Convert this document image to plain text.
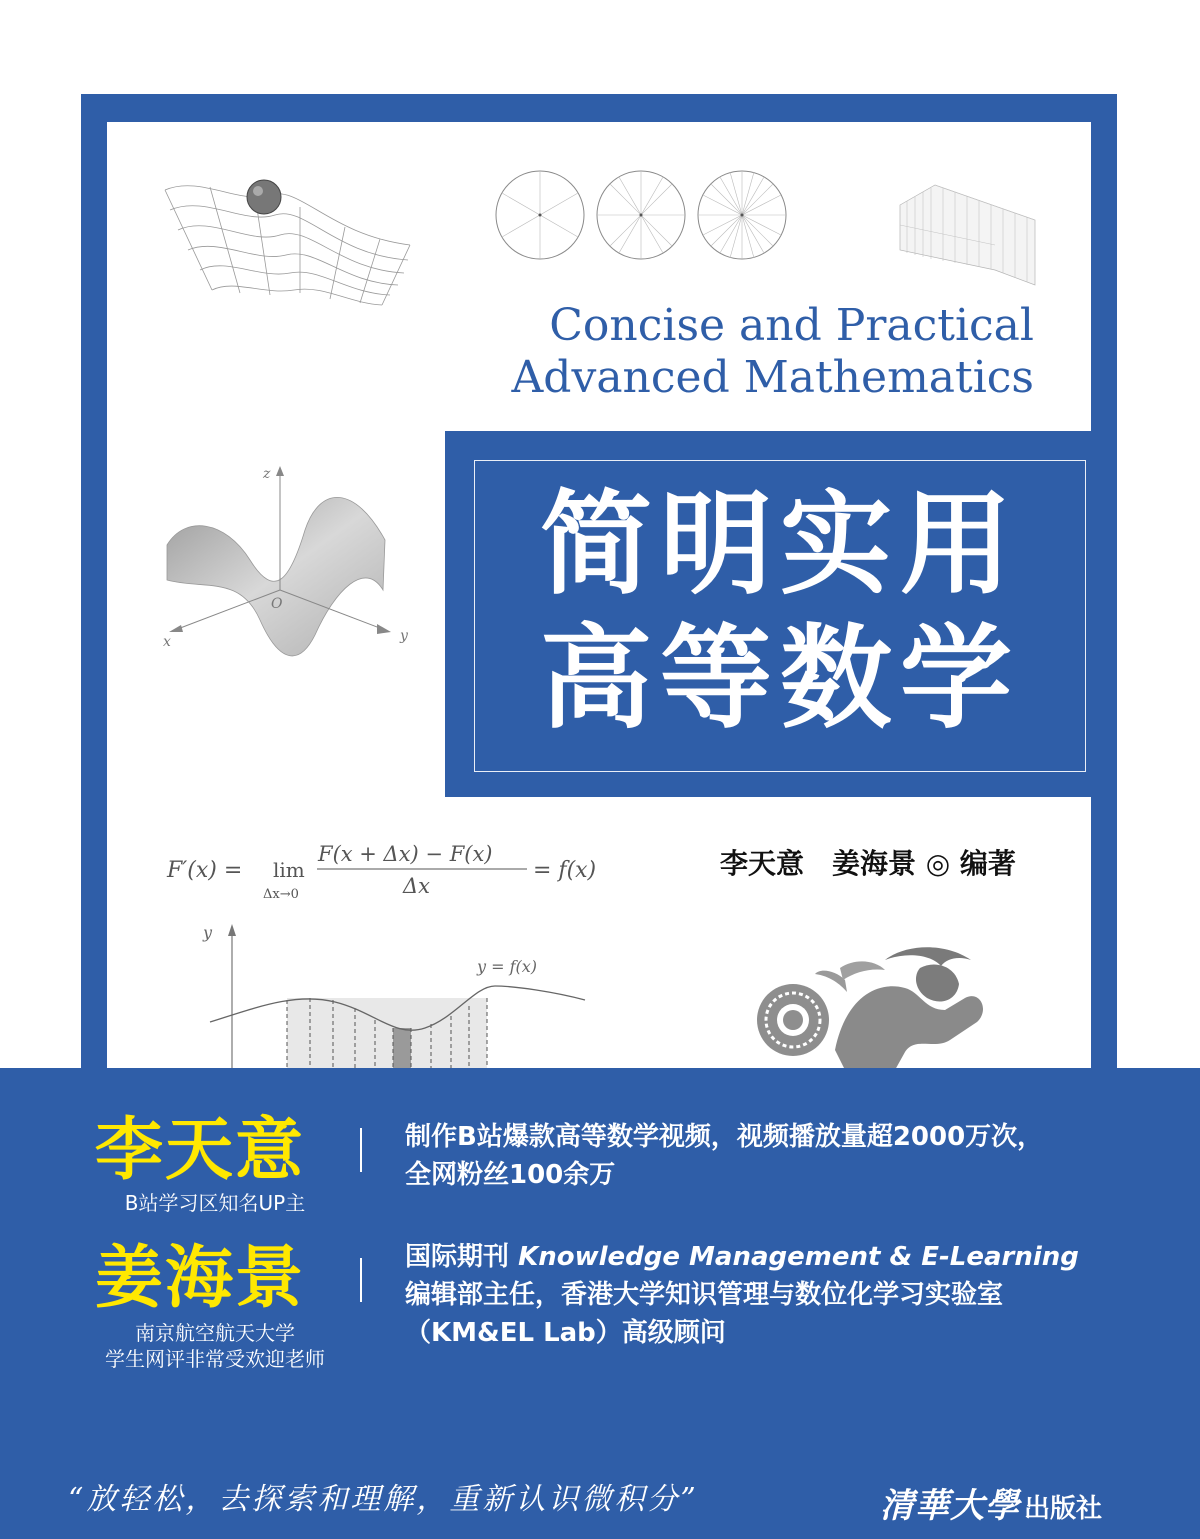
Concise and Practical
Advanced Mathematics
z
x	y
O	简明实用
高等数学
F′(x) = lim
Δx→0
F(x + Δx) − F(x)
Δx
= f(x)	李天意　姜海景 ◎ 编著
y
y = f(x)
李天意
B站学习区知名UP主
制作B站爆款高等数学视频，视频播放量超2000万次，
全网粉丝100余万
姜海景
南京航空航天大学
学生网评非常受欢迎老师
国际期刊 Knowledge Management & E-Learning
编辑部主任，香港大学知识管理与数位化学习实验室
（KM&EL Lab）高级顾问
“放轻松，去探索和理解，重新认识微积分”	清華大學 出版社
